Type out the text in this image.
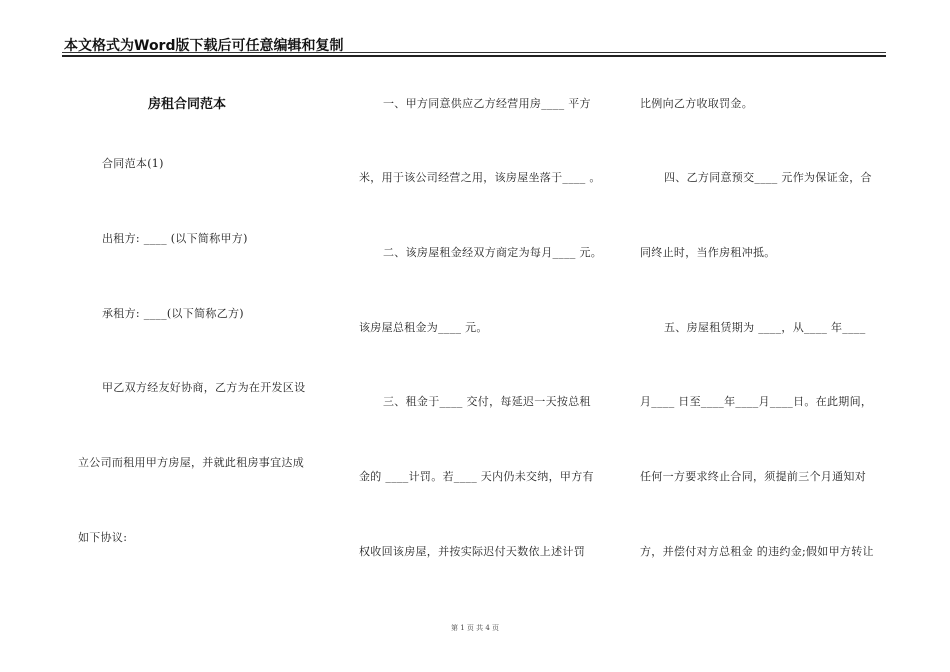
本文格式为Word版下载后可任意编辑和复制
房租合同范本
合同范本(1)
出租方: ____ (以下简称甲方)
承租方: ____(以下简称乙方)
甲乙双方经友好协商，乙方为在开发区设
立公司而租用甲方房屋，并就此租房事宜达成
如下协议:
一、甲方同意供应乙方经营用房____ 平方
米，用于该公司经营之用，该房屋坐落于____ 。
二、该房屋租金经双方商定为每月____ 元。
该房屋总租金为____ 元。
三、租金于____ 交付，每延迟一天按总租
金的 ____计罚。若____ 天内仍未交纳，甲方有
权收回该房屋，并按实际迟付天数依上述计罚
比例向乙方收取罚金。
四、乙方同意预交____ 元作为保证金，合
同终止时，当作房租冲抵。
五、房屋租赁期为 ____，从____ 年____
月____ 日至____年____月____日。在此期间，
任何一方要求终止合同，须提前三个月通知对
方，并偿付对方总租金 的违约金;假如甲方转让
第 1 页 共 4 页
